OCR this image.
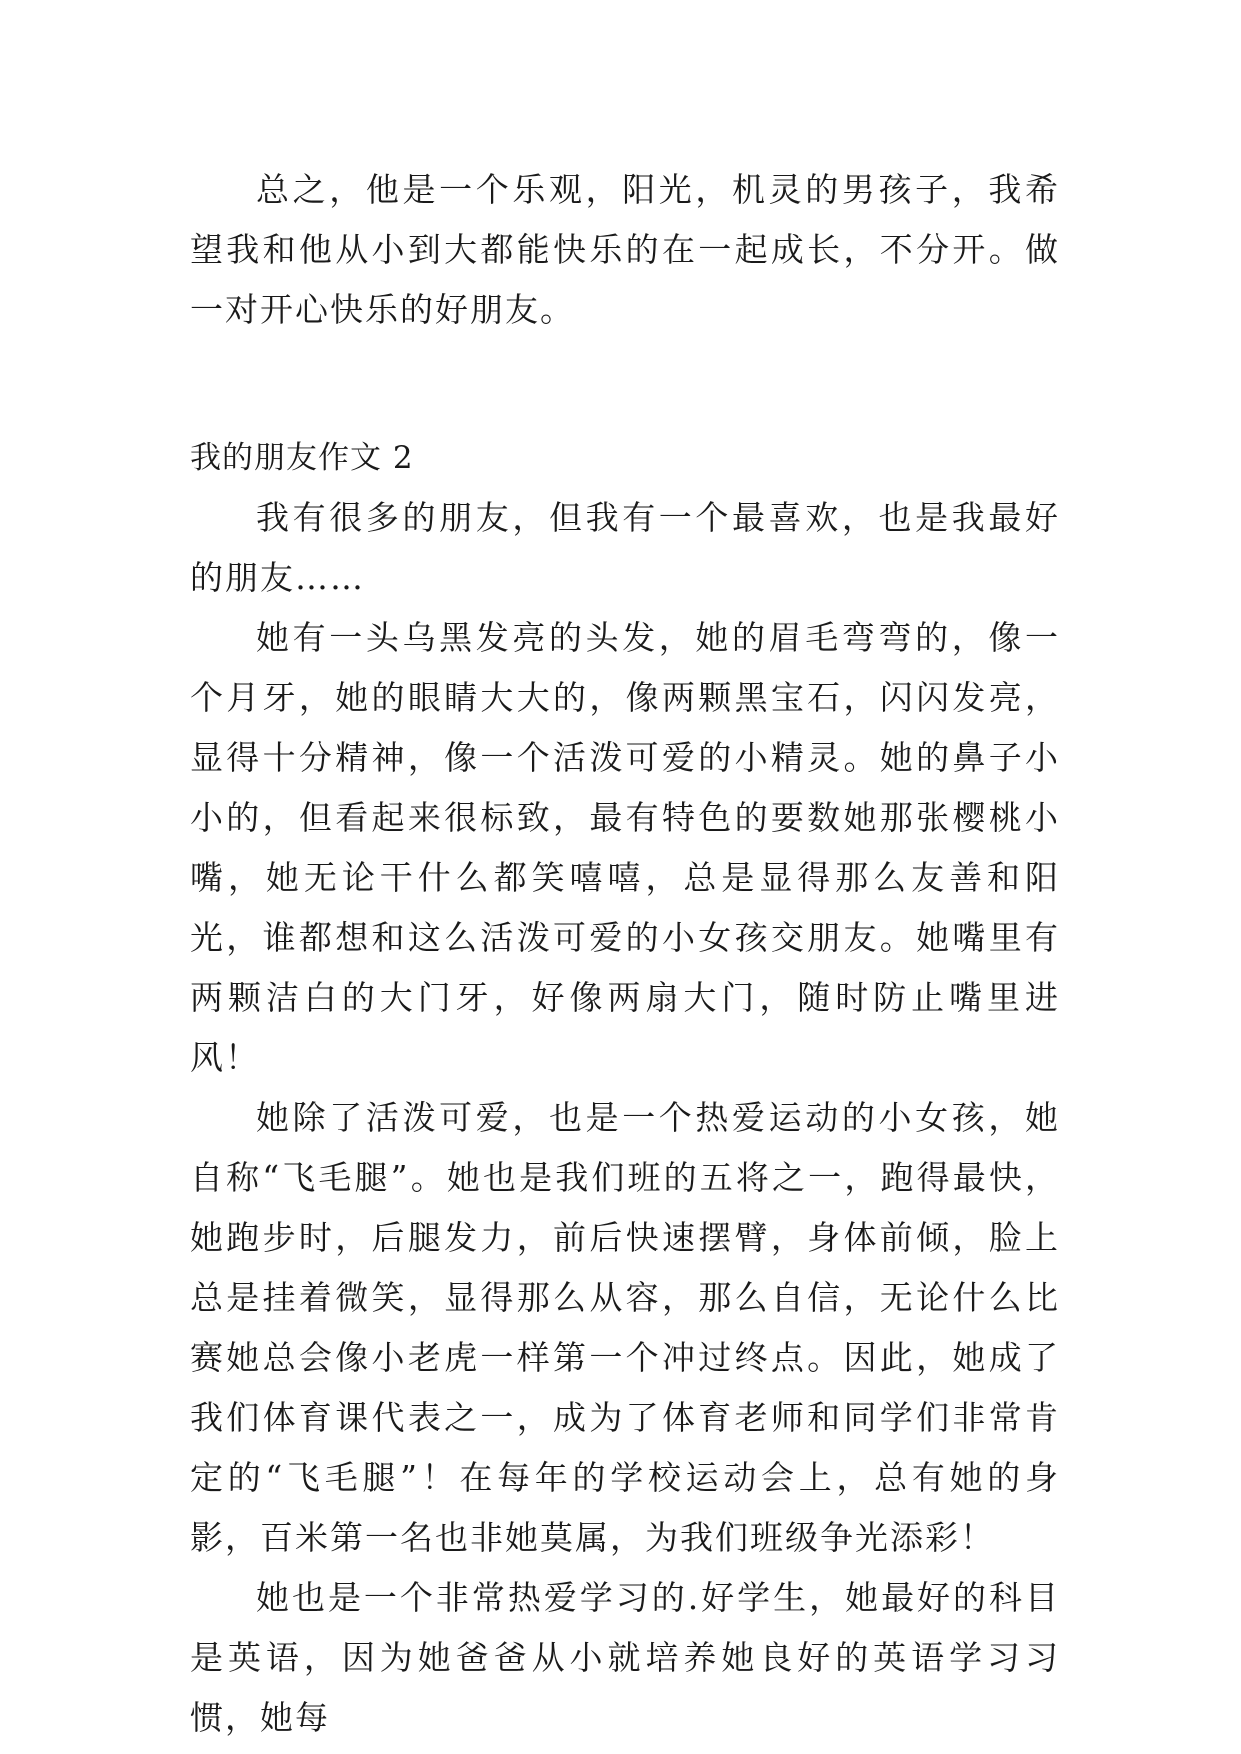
总之，他是一个乐观，阳光，机灵的男孩子，我希望我和他从小到大都能快乐的在一起成长，不分开。做一对开心快乐的好朋友。

我的朋友作文 2

我有很多的朋友，但我有一个最喜欢，也是我最好的朋友……

她有一头乌黑发亮的头发，她的眉毛弯弯的，像一个月牙，她的眼睛大大的，像两颗黑宝石，闪闪发亮，显得十分精神，像一个活泼可爱的小精灵。她的鼻子小小的，但看起来很标致，最有特色的要数她那张樱桃小嘴，她无论干什么都笑嘻嘻，总是显得那么友善和阳光，谁都想和这么活泼可爱的小女孩交朋友。她嘴里有两颗洁白的大门牙，好像两扇大门，随时防止嘴里进风！

她除了活泼可爱，也是一个热爱运动的小女孩，她自称“飞毛腿”。她也是我们班的五将之一，跑得最快，她跑步时，后腿发力，前后快速摆臂，身体前倾，脸上总是挂着微笑，显得那么从容，那么自信，无论什么比赛她总会像小老虎一样第一个冲过终点。因此，她成了我们体育课代表之一，成为了体育老师和同学们非常肯定的“飞毛腿”！在每年的学校运动会上，总有她的身影，百米第一名也非她莫属，为我们班级争光添彩！

她也是一个非常热爱学习的.好学生，她最好的科目是英语，因为她爸爸从小就培养她良好的英语学习习惯，她每
